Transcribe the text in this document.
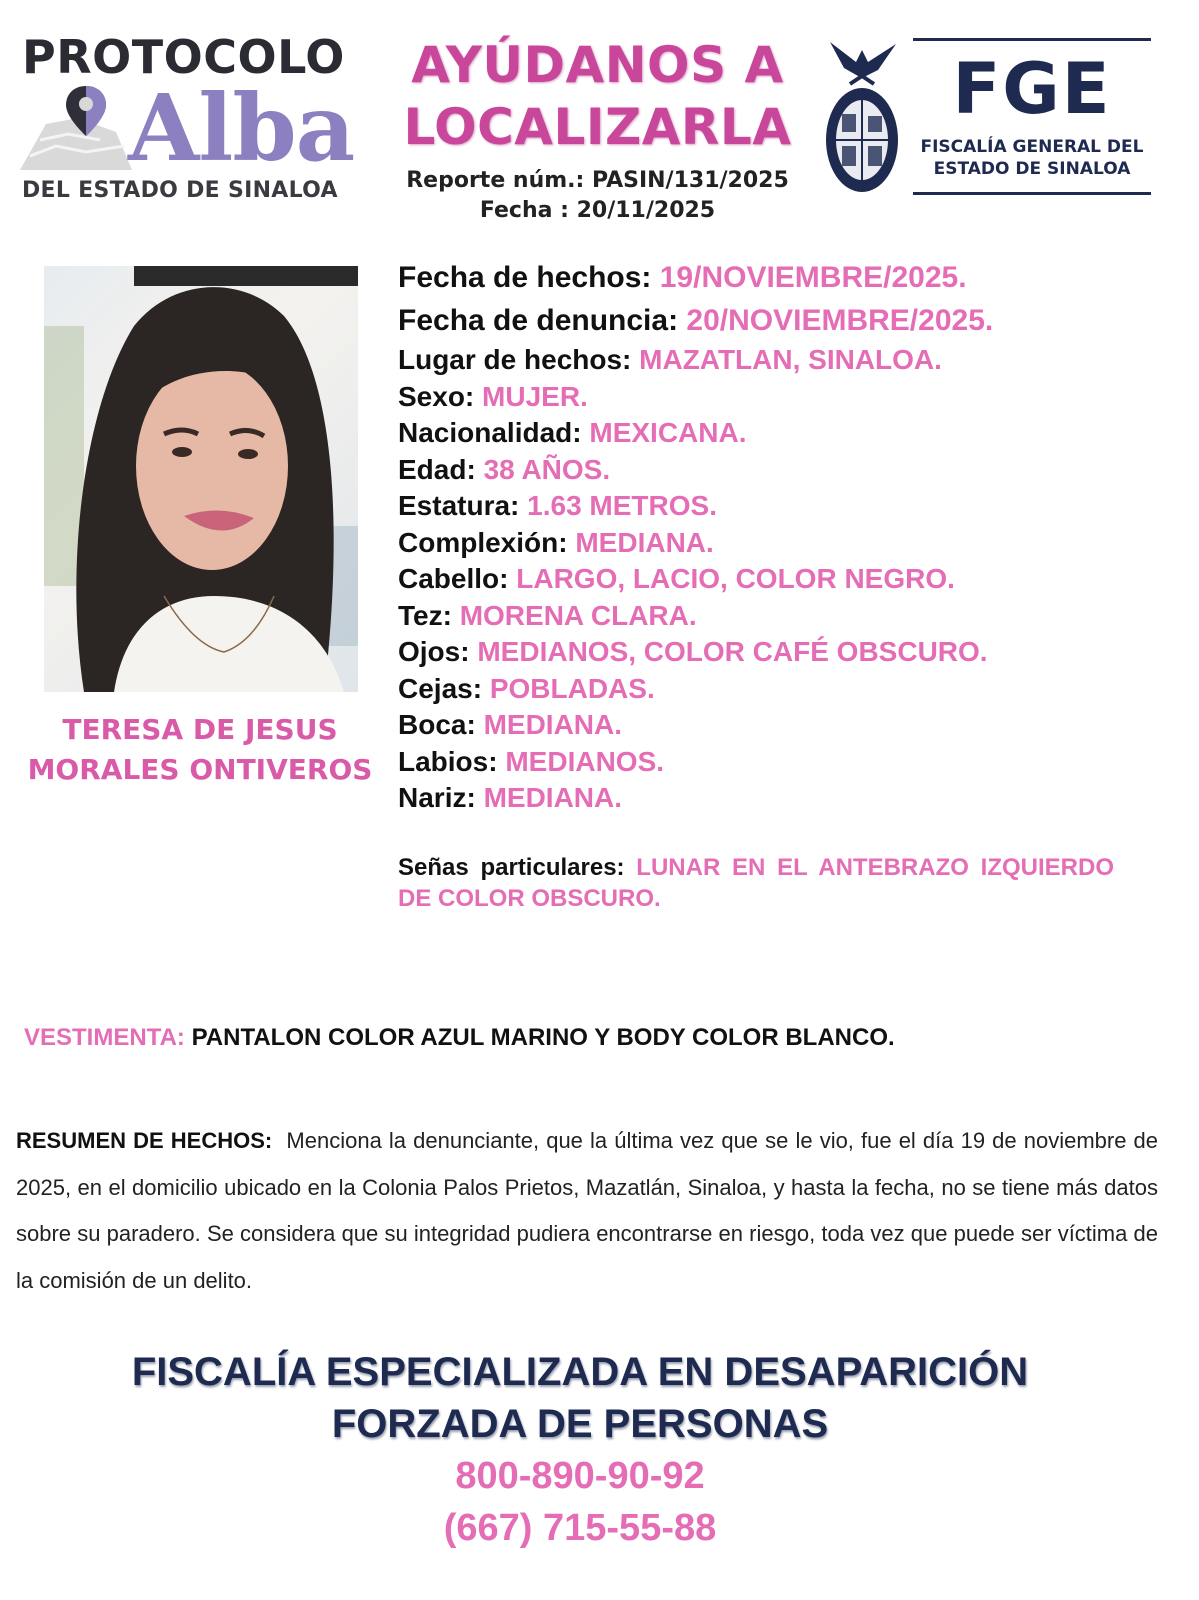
PROTOCOLO
Alba
DEL ESTADO DE SINALOA
AYÚDANOS A
LOCALIZARLA
Reporte núm.: PASIN/131/2025
Fecha : 20/11/2025
FGE
FISCALÍA GENERAL DEL
ESTADO DE SINALOA
TERESA DE JESUS
MORALES ONTIVEROS
Fecha de hechos: 19/NOVIEMBRE/2025.
Fecha de denuncia: 20/NOVIEMBRE/2025.
Lugar de hechos: MAZATLAN, SINALOA.
Sexo: MUJER.
Nacionalidad: MEXICANA.
Edad: 38 AÑOS.
Estatura: 1.63 METROS.
Complexión: MEDIANA.
Cabello: LARGO, LACIO, COLOR NEGRO.
Tez: MORENA CLARA.
Ojos: MEDIANOS, COLOR CAFÉ OBSCURO.
Cejas: POBLADAS.
Boca: MEDIANA.
Labios: MEDIANOS.
Nariz: MEDIANA.
Señas particulares: LUNAR EN EL ANTEBRAZO IZQUIERDO DE COLOR OBSCURO.
VESTIMENTA: PANTALON COLOR AZUL MARINO Y BODY COLOR BLANCO.
RESUMEN DE HECHOS: Menciona la denunciante, que la última vez que se le vio, fue el día 19 de noviembre de 2025, en el domicilio ubicado en la Colonia Palos Prietos, Mazatlán, Sinaloa, y hasta la fecha, no se tiene más datos sobre su paradero. Se considera que su integridad pudiera encontrarse en riesgo, toda vez que puede ser víctima de la comisión de un delito.
FISCALÍA ESPECIALIZADA EN DESAPARICIÓN
FORZADA DE PERSONAS
800-890-90-92
(667) 715-55-88
